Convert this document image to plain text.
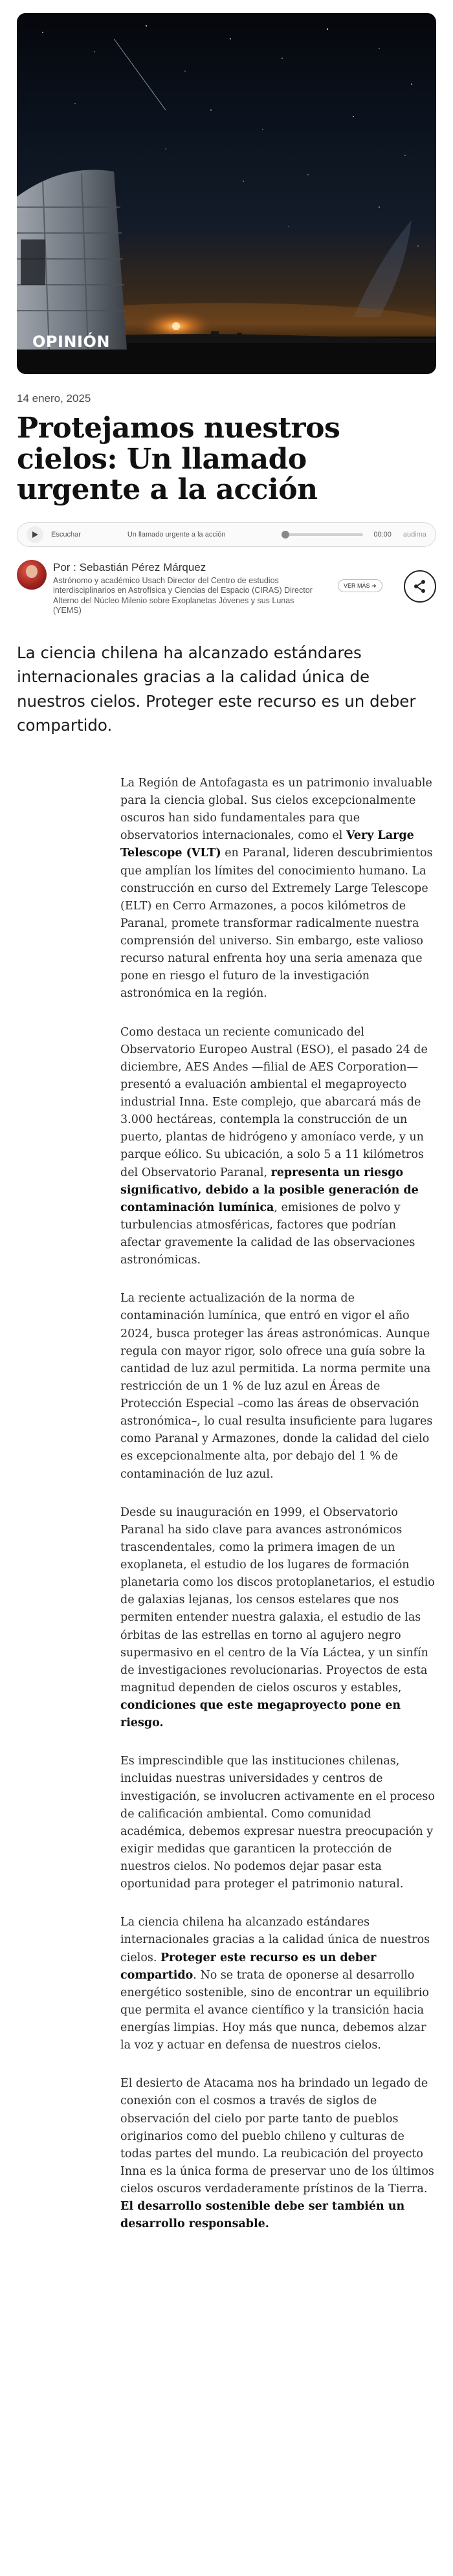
OPINIÓN
14 enero, 2025
Protejamos nuestros cielos: Un llamado urgente a la acción
Escuchar	Un llamado urgente a la acción	00:00 audima
Por : Sebastián Pérez Márquez
Astrónomo y académico Usach Director del Centro de estudios interdisciplinarios en Astrofísica y Ciencias del Espacio (CIRAS) Director Alterno del Núcleo Milenio sobre Exoplanetas Jóvenes y sus Lunas (YEMS)
VER MÁS ➜
La ciencia chilena ha alcanzado estándares internacionales gracias a la calidad única de nuestros cielos. Proteger este recurso es un deber compartido.

La Región de Antofagasta es un patrimonio invaluable para la ciencia global. Sus cielos excepcionalmente oscuros han sido fundamentales para que observatorios internacionales, como el Very Large Telescope (VLT) en Paranal, lideren descubrimientos que amplían los límites del conocimiento humano. La construcción en curso del Extremely Large Telescope (ELT) en Cerro Armazones, a pocos kilómetros de Paranal, promete transformar radicalmente nuestra comprensión del universo. Sin embargo, este valioso recurso natural enfrenta hoy una seria amenaza que pone en riesgo el futuro de la investigación astronómica en la región.

Como destaca un reciente comunicado del Observatorio Europeo Austral (ESO), el pasado 24 de diciembre, AES Andes —filial de AES Corporation— presentó a evaluación ambiental el megaproyecto industrial Inna. Este complejo, que abarcará más de 3.000 hectáreas, contempla la construcción de un puerto, plantas de hidrógeno y amoníaco verde, y un parque eólico. Su ubicación, a solo 5 a 11 kilómetros del Observatorio Paranal, representa un riesgo significativo, debido a la posible generación de contaminación lumínica, emisiones de polvo y turbulencias atmosféricas, factores que podrían afectar gravemente la calidad de las observaciones astronómicas.

La reciente actualización de la norma de contaminación lumínica, que entró en vigor el año 2024, busca proteger las áreas astronómicas. Aunque regula con mayor rigor, solo ofrece una guía sobre la cantidad de luz azul permitida. La norma permite una restricción de un 1 % de luz azul en Áreas de Protección Especial –como las áreas de observación astronómica–, lo cual resulta insuficiente para lugares como Paranal y Armazones, donde la calidad del cielo es excepcionalmente alta, por debajo del 1 % de contaminación de luz azul.

Desde su inauguración en 1999, el Observatorio Paranal ha sido clave para avances astronómicos trascendentales, como la primera imagen de un exoplaneta, el estudio de los lugares de formación planetaria como los discos protoplanetarios, el estudio de galaxias lejanas, los censos estelares que nos permiten entender nuestra galaxia, el estudio de las órbitas de las estrellas en torno al agujero negro supermasivo en el centro de la Vía Láctea, y un sinfín de investigaciones revolucionarias. Proyectos de esta magnitud dependen de cielos oscuros y estables, condiciones que este megaproyecto pone en riesgo.

Es imprescindible que las instituciones chilenas, incluidas nuestras universidades y centros de investigación, se involucren activamente en el proceso de calificación ambiental. Como comunidad académica, debemos expresar nuestra preocupación y exigir medidas que garanticen la protección de nuestros cielos. No podemos dejar pasar esta oportunidad para proteger el patrimonio natural.

La ciencia chilena ha alcanzado estándares internacionales gracias a la calidad única de nuestros cielos. Proteger este recurso es un deber compartido. No se trata de oponerse al desarrollo energético sostenible, sino de encontrar un equilibrio que permita el avance científico y la transición hacia energías limpias. Hoy más que nunca, debemos alzar la voz y actuar en defensa de nuestros cielos.

El desierto de Atacama nos ha brindado un legado de conexión con el cosmos a través de siglos de observación del cielo por parte tanto de pueblos originarios como del pueblo chileno y culturas de todas partes del mundo. La reubicación del proyecto Inna es la única forma de preservar uno de los últimos cielos oscuros verdaderamente prístinos de la Tierra. El desarrollo sostenible debe ser también un desarrollo responsable.
